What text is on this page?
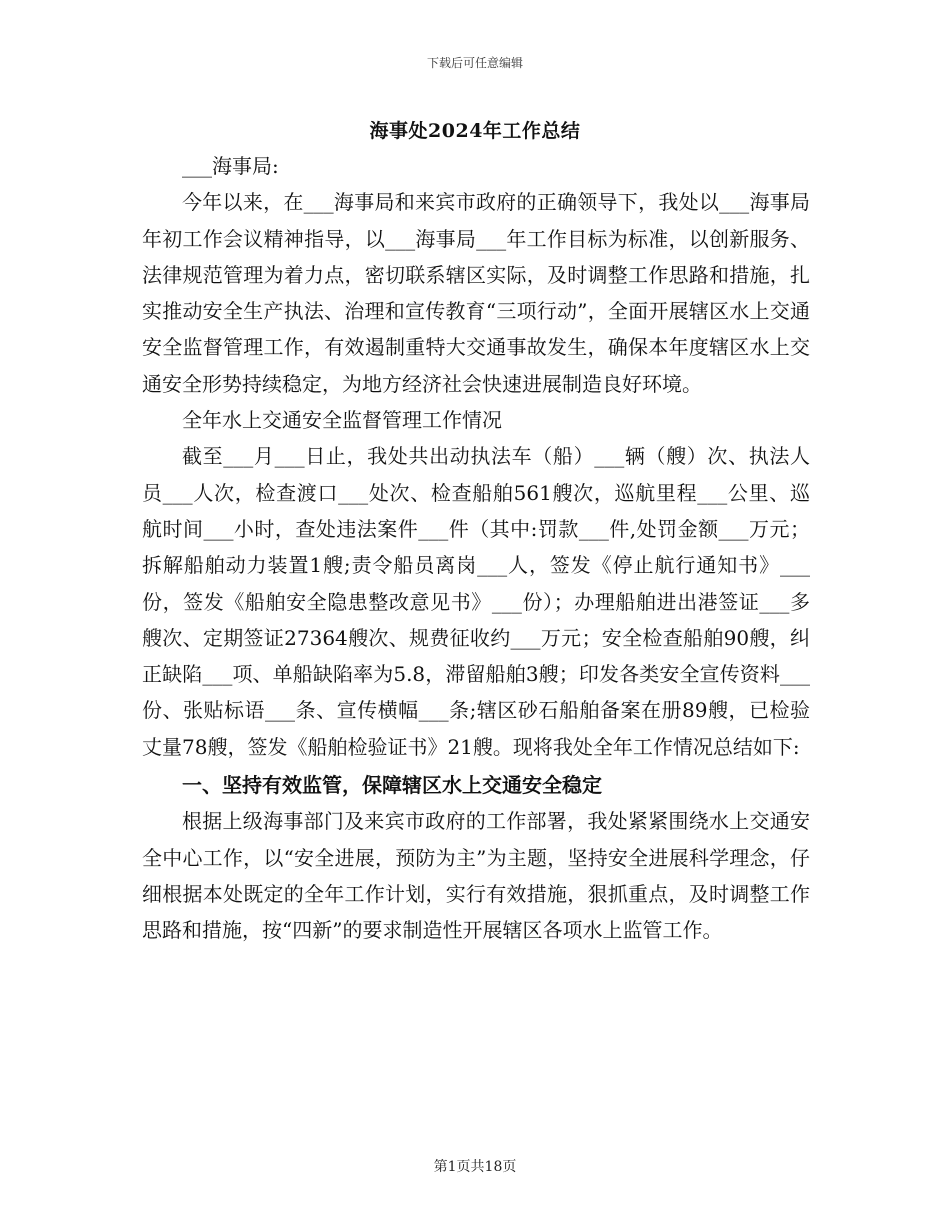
下载后可任意编辑
海事处2024年工作总结

___海事局:

今年以来，在___海事局和来宾市政府的正确领导下，我处以___海事局年初工作会议精神指导，以___海事局___年工作目标为标准，以创新服务、法律规范管理为着力点，密切联系辖区实际，及时调整工作思路和措施，扎实推动安全生产执法、治理和宣传教育“三项行动”，全面开展辖区水上交通安全监督管理工作，有效遏制重特大交通事故发生，确保本年度辖区水上交通安全形势持续稳定，为地方经济社会快速进展制造良好环境。

全年水上交通安全监督管理工作情况

截至___月___日止，我处共出动执法车（船）___辆（艘）次、执法人员___人次，检查渡口___处次、检查船舶561艘次，巡航里程___公里、巡航时间___小时，查处违法案件___件（其中:罚款___件,处罚金额___万元；拆解船舶动力装置1艘;责令船员离岗___人，签发《停止航行通知书》___份，签发《船舶安全隐患整改意见书》___份）；办理船舶进出港签证___多艘次、定期签证27364艘次、规费征收约___万元；安全检查船舶90艘，纠正缺陷___项、单船缺陷率为5.8，滞留船舶3艘；印发各类安全宣传资料___份、张贴标语___条、宣传横幅___条;辖区砂石船舶备案在册89艘，已检验丈量78艘，签发《船舶检验证书》21艘。现将我处全年工作情况总结如下:

一、坚持有效监管，保障辖区水上交通安全稳定

根据上级海事部门及来宾市政府的工作部署，我处紧紧围绕水上交通安全中心工作，以“安全进展，预防为主”为主题，坚持安全进展科学理念，仔细根据本处既定的全年工作计划，实行有效措施，狠抓重点，及时调整工作思路和措施，按“四新”的要求制造性开展辖区各项水上监管工作。

第1页共18页
